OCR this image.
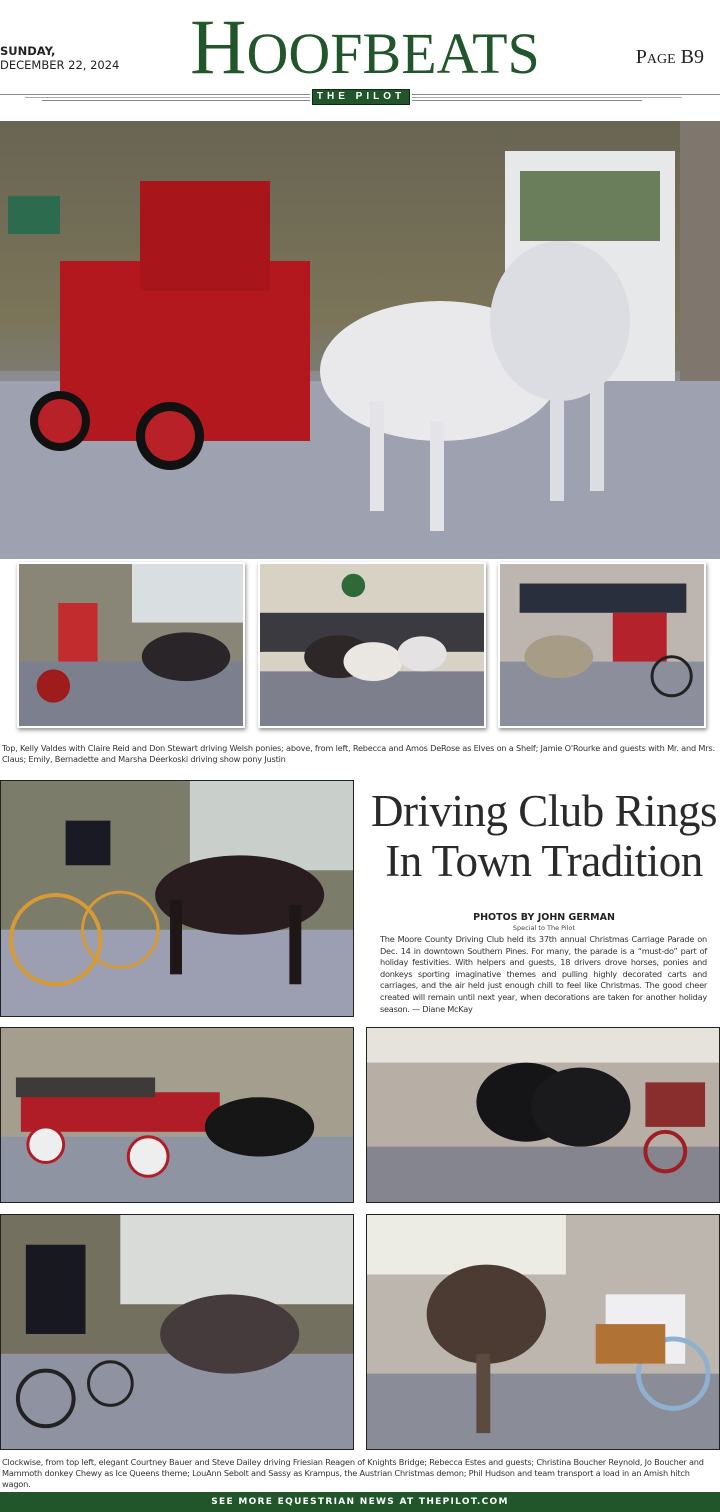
SUNDAY,
DECEMBER 22, 2024 HOOFBEATS	Page B9
THE PILOT
Top, Kelly Valdes with Claire Reid and Don Stewart driving Welsh ponies; above, from left, Rebecca and Amos DeRose as Elves on a Shelf; Jamie O'Rourke and guests with Mr. and Mrs. Claus; Emily, Bernadette and Marsha Deerkoski driving show pony Justin
Driving Club Rings
In Town Tradition
PHOTOS BY JOHN GERMAN
Special to The Pilot
The Moore County Driving Club held its 37th annual Christmas Carriage Parade on Dec. 14 in downtown Southern Pines. For many, the parade is a “must-do” part of holiday festivities. With helpers and guests, 18 drivers drove horses, ponies and donkeys sporting imaginative themes and pulling highly decorated carts and carriages, and the air held just enough chill to feel like Christmas. The good cheer created will remain until next year, when decorations are taken for another holiday season. — Diane McKay
Clockwise, from top left, elegant Courtney Bauer and Steve Dailey driving Friesian Reagen of Knights Bridge; Rebecca Estes and guests; Christina Boucher Reynold, Jo Boucher and Mammoth donkey Chewy as Ice Queens theme; LouAnn Sebolt and Sassy as Krampus, the Austrian Christmas demon; Phil Hudson and team transport a load in an Amish hitch wagon.
SEE MORE EQUESTRIAN NEWS AT THEPILOT.COM
